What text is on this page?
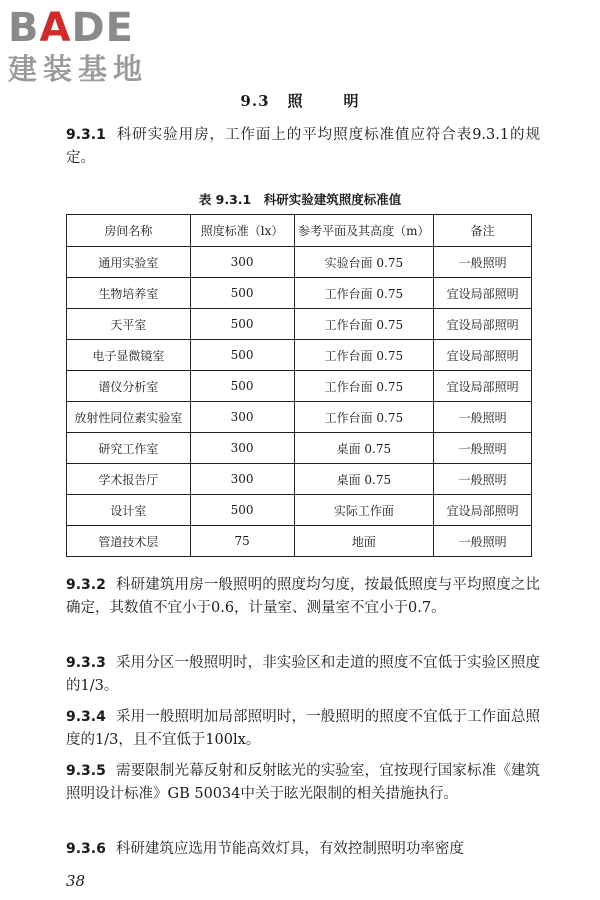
B A DE
建装基地
9.3 照	明
9.3.1 科研实验用房，工作面上的平均照度标准值应符合表9.3.1的规定。
表 9.3.1　科研实验建筑照度标准值
房间名称	照度标准（lx）	参考平面及其高度（m）	备注
通用实验室	300	实验台面 0.75	一般照明
生物培养室	500	工作台面 0.75	宜设局部照明
天平室	500	工作台面 0.75	宜设局部照明
电子显微镜室	500	工作台面 0.75	宜设局部照明
谱仪分析室	500	工作台面 0.75	宜设局部照明
放射性同位素实验室	300	工作台面 0.75	一般照明
研究工作室	300	桌面 0.75	一般照明
学术报告厅	300	桌面 0.75	一般照明
设计室	500	实际工作面	宜设局部照明
管道技术层	75	地面	一般照明
9.3.2 科研建筑用房一般照明的照度均匀度，按最低照度与平均照度之比确定，其数值不宜小于0.6，计量室、测量室不宜小于0.7。
9.3.3 采用分区一般照明时，非实验区和走道的照度不宜低于实验区照度的1/3。
9.3.4 采用一般照明加局部照明时，一般照明的照度不宜低于工作面总照度的1/3，且不宜低于100lx。
9.3.5 需要限制光幕反射和反射眩光的实验室，宜按现行国家标准《建筑照明设计标准》GB 50034中关于眩光限制的相关措施执行。
9.3.6 科研建筑应选用节能高效灯具，有效控制照明功率密度
38
